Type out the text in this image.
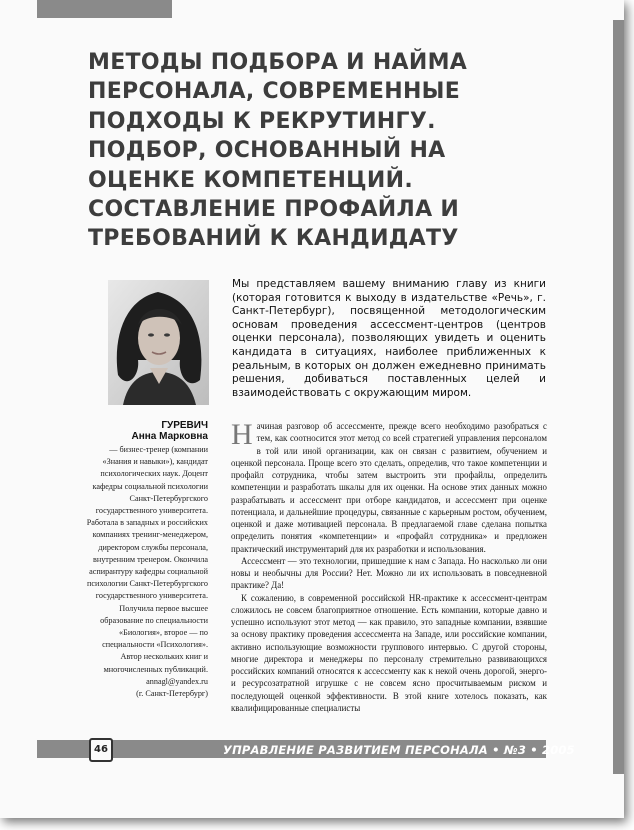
МЕТОДЫ ПОДБОРА И НАЙМА ПЕРСОНАЛА, СОВРЕМЕННЫЕ ПОДХОДЫ К РЕКРУТИНГУ. ПОДБОР, ОСНОВАННЫЙ НА ОЦЕНКЕ КОМПЕТЕНЦИЙ. СОСТАВЛЕНИЕ ПРОФАЙЛА И ТРЕБОВАНИЙ К КАНДИДАТУ

Мы представляем вашему вниманию главу из книги (которая готовится к выходу в издательстве «Речь», г. Санкт-Петербург), посвященной методологическим основам проведения ассессмент-центров (центров оценки персонала), позволяющих увидеть и оценить кандидата в ситуациях, наиболее приближенных к реальным, в которых он должен ежедневно принимать решения, добиваться поставленных целей и взаимодействовать с окружающим миром.

ГУРЕВИЧ
Анна Марковна

— бизнес-тренер (компании «Знания и навыки»), кандидат психологических наук. Доцент кафедры социальной психологии Санкт-Петербургского государственного университета. Работала в западных и российских компаниях тренинг-менеджером, директором службы персонала, внутренним тренером. Окончила аспирантуру кафедры социальной психологии Санкт-Петербургского государственного университета. Получила первое высшее образование по специальности «Биология», второе — по специальности «Психология». Автор нескольких книг и многочисленных публикаций.
annagl@yandex.ru
(г. Санкт-Петербург)

Начиная разговор об ассессменте, прежде всего необходимо разобраться с тем, как соотносится этот метод со всей стратегией управления персоналом в той или иной организации, как он связан с развитием, обучением и оценкой персонала. Проще всего это сделать, определив, что такое компетенции и профайл сотрудника, чтобы затем выстроить эти профайлы, определить компетенции и разработать шкалы для их оценки. На основе этих данных можно разрабатывать и ассессмент при отборе кандидатов, и ассессмент при оценке потенциала, и дальнейшие процедуры, связанные с карьерным ростом, обучением, оценкой и даже мотивацией персонала. В предлагаемой главе сделана попытка определить понятия «компетенции» и «профайл сотрудника» и предложен практический инструментарий для их разработки и использования.

Ассессмент — это технологии, пришедшие к нам с Запада. Но насколько ли они новы и необычны для России? Нет. Можно ли их использовать в повседневной практике? Да!

К сожалению, в современной российской HR-практике к ассессмент-центрам сложилось не совсем благоприятное отношение. Есть компании, которые давно и успешно используют этот метод — как правило, это западные компании, взявшие за основу практику проведения ассессмента на Западе, или российские компании, активно использующие возможности группового интервью. С другой стороны, многие директора и менеджеры по персоналу стремительно развивающихся российских компаний относятся к ассессменту как к некой очень дорогой, энерго- и ресурсозатратной игрушке с не совсем ясно просчитываемым риском и последующей оценкой эффективности. В этой книге хотелось показать, как квалифицированные специалисты

46	УПРАВЛЕНИЕ РАЗВИТИЕМ ПЕРСОНАЛА • №3 • 2005
